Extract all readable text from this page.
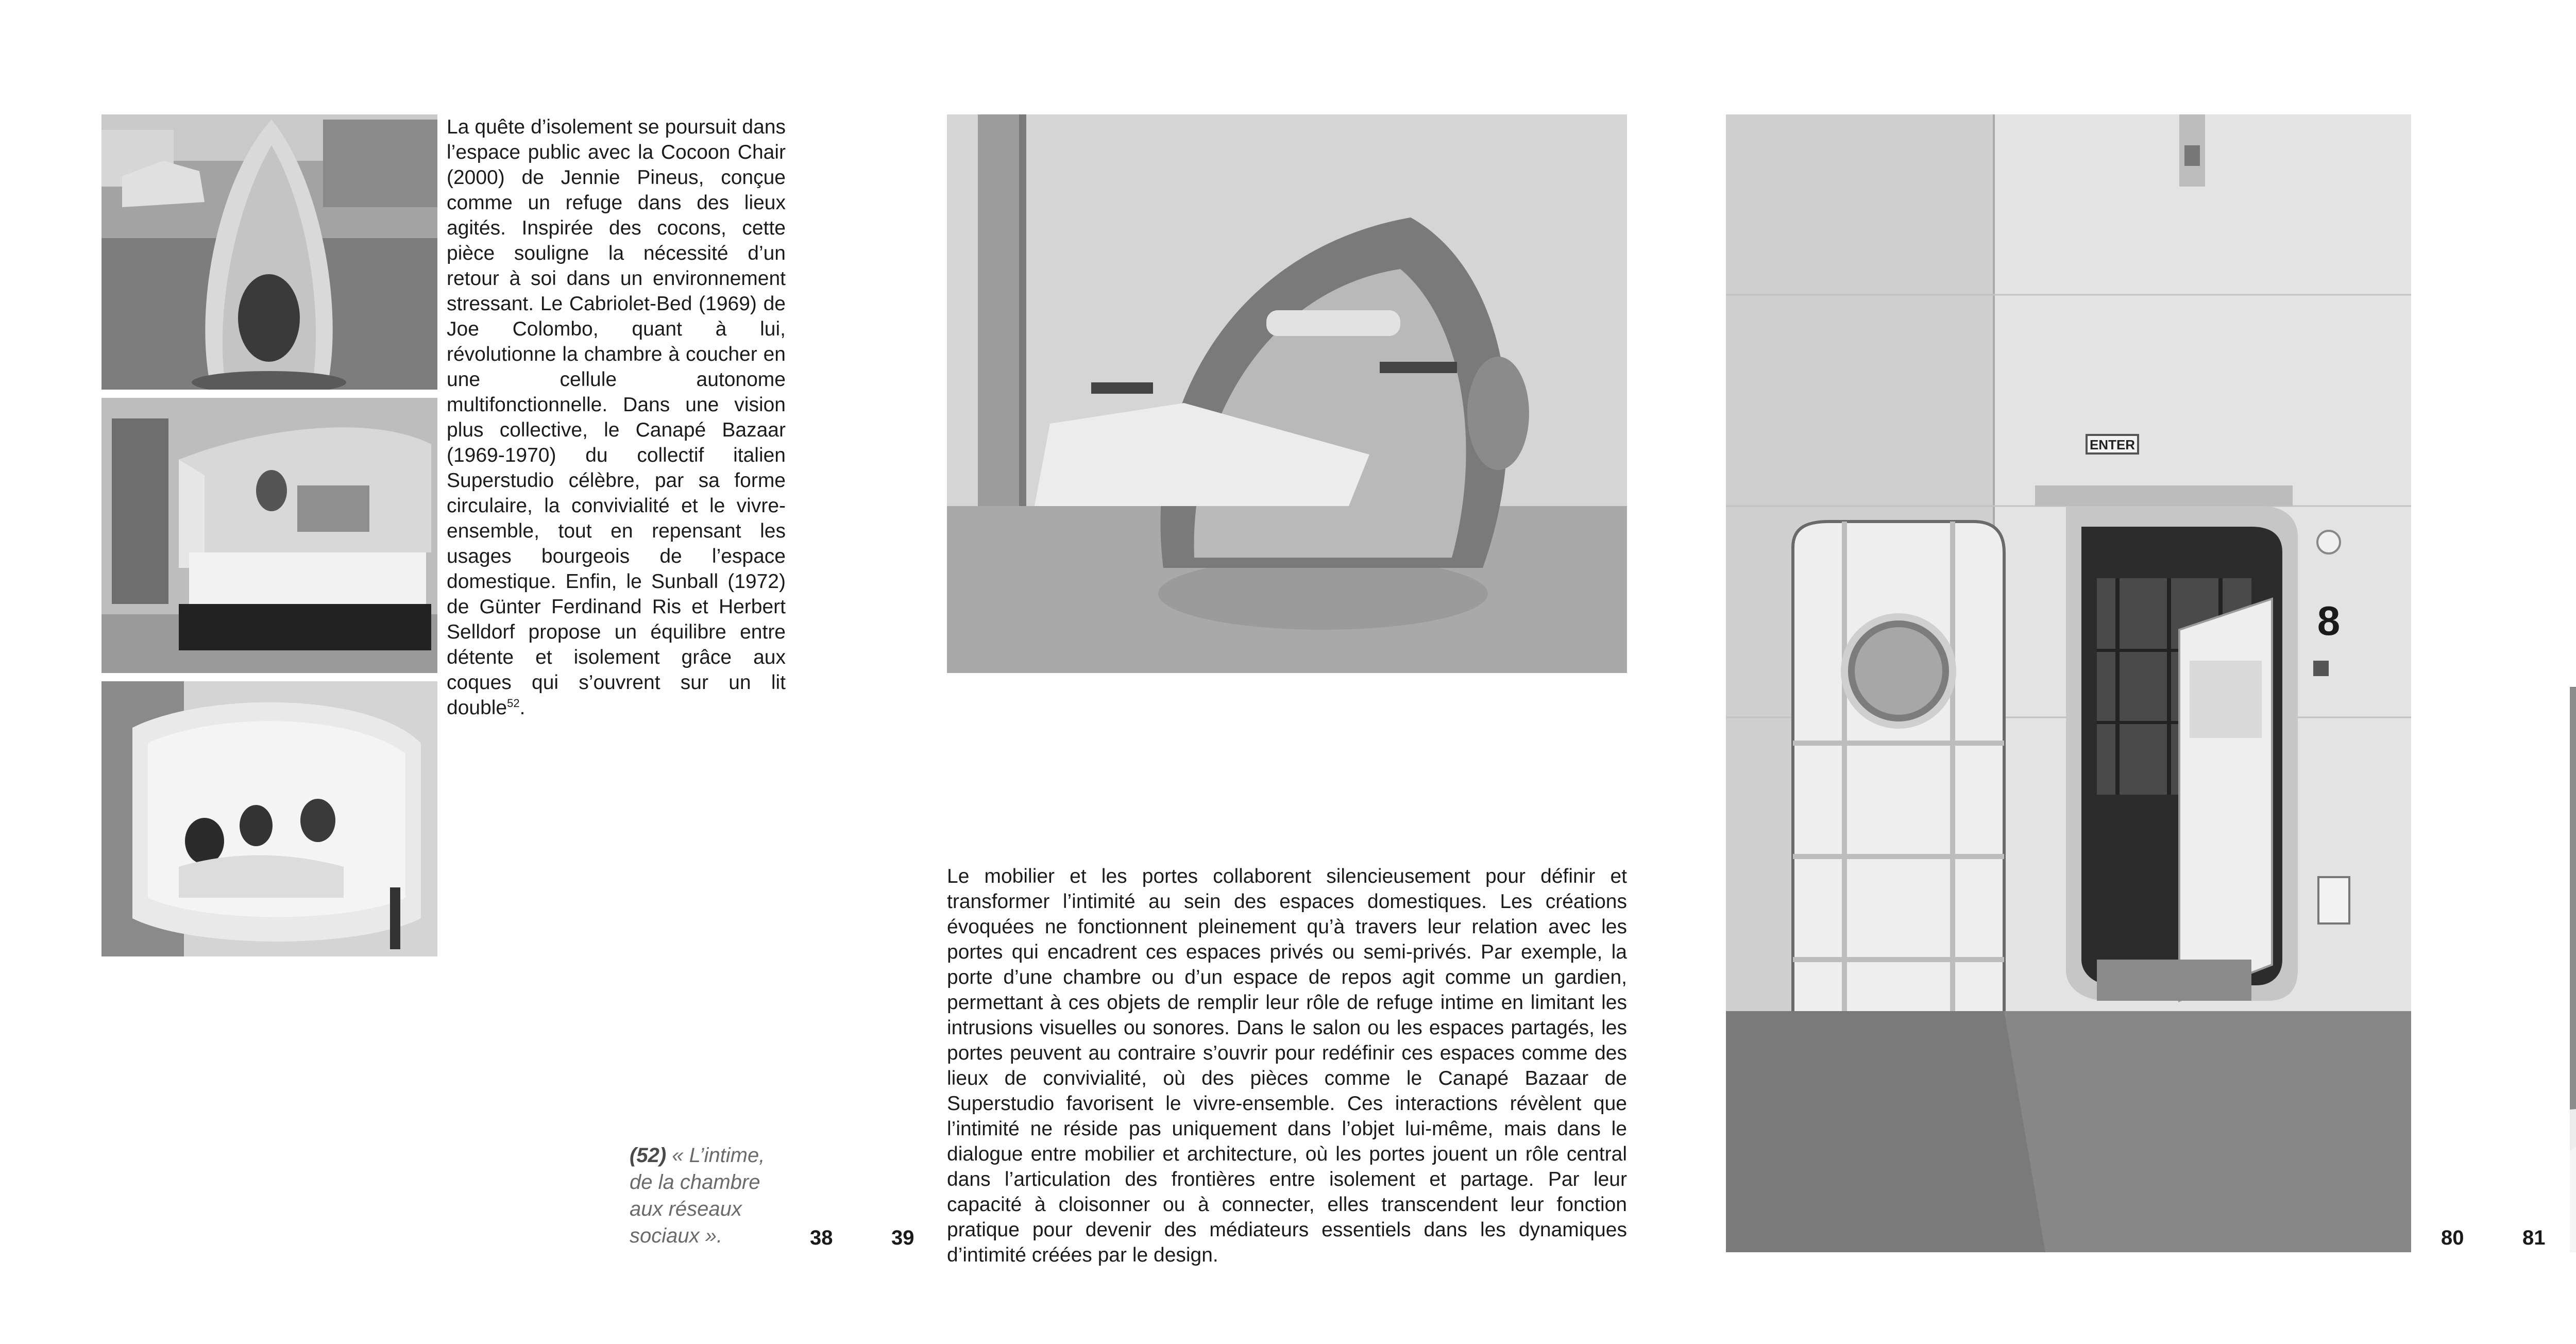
La quête d’isolement se poursuit dans l’espace public avec la Cocoon Chair (2000) de Jennie Pineus, conçue comme un refuge dans des lieux agités. Inspirée des cocons, cette pièce souligne la nécessité d’un retour à soi dans un environnement stressant. Le Cabriolet-Bed (1969) de Joe Colombo, quant à lui, révolutionne la chambre à coucher en une cellule autonome multifonctionnelle. Dans une vision plus collective, le Canapé Bazaar (1969-1970) du collectif italien Superstudio célèbre, par sa forme circulaire, la convivialité et le vivre-ensemble, tout en repensant les usages bourgeois de l’espace domestique. Enfin, le Sunball (1972) de Günter Ferdinand Ris et Herbert Selldorf propose un équilibre entre détente et isolement grâce aux coques qui s’ouvrent sur un lit double$^{52}$.
(52) « L’intime, de la chambre aux réseaux sociaux ».	38	39
Le mobilier et les portes collaborent silencieusement pour définir et transformer l’intimité au sein des espaces domestiques. Les créations évoquées ne fonctionnent pleinement qu’à travers leur relation avec les portes qui encadrent ces espaces privés ou semi-privés. Par exemple, la porte d’une chambre ou d’un espace de repos agit comme un gardien, permettant à ces objets de remplir leur rôle de refuge intime en limitant les intrusions visuelles ou sonores. Dans le salon ou les espaces partagés, les portes peuvent au contraire s’ouvrir pour redéfinir ces espaces comme des lieux de convivialité, où des pièces comme le Canapé Bazaar de Superstudio favorisent le vivre-ensemble. Ces interactions révèlent que l’intimité ne réside pas uniquement dans l’objet lui-même, mais dans le dialogue entre mobilier et architecture, où les portes jouent un rôle central dans l’articulation des frontières entre isolement et partage. Par leur capacité à cloisonner ou à connecter, elles transcendent leur fonction pratique pour devenir des médiateurs essentiels dans les dynamiques d’intimité créées par le design.
ENTER
8
80	81
